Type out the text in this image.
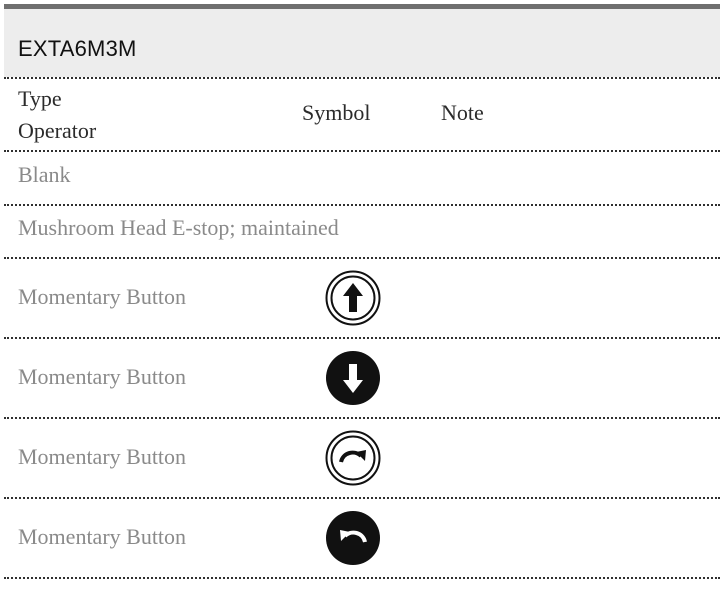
EXTA6M3M
Type
Operator
Symbol	Note
Blank
Mushroom Head E-stop; maintained
Momentary Button
Momentary Button
Momentary Button
Momentary Button
